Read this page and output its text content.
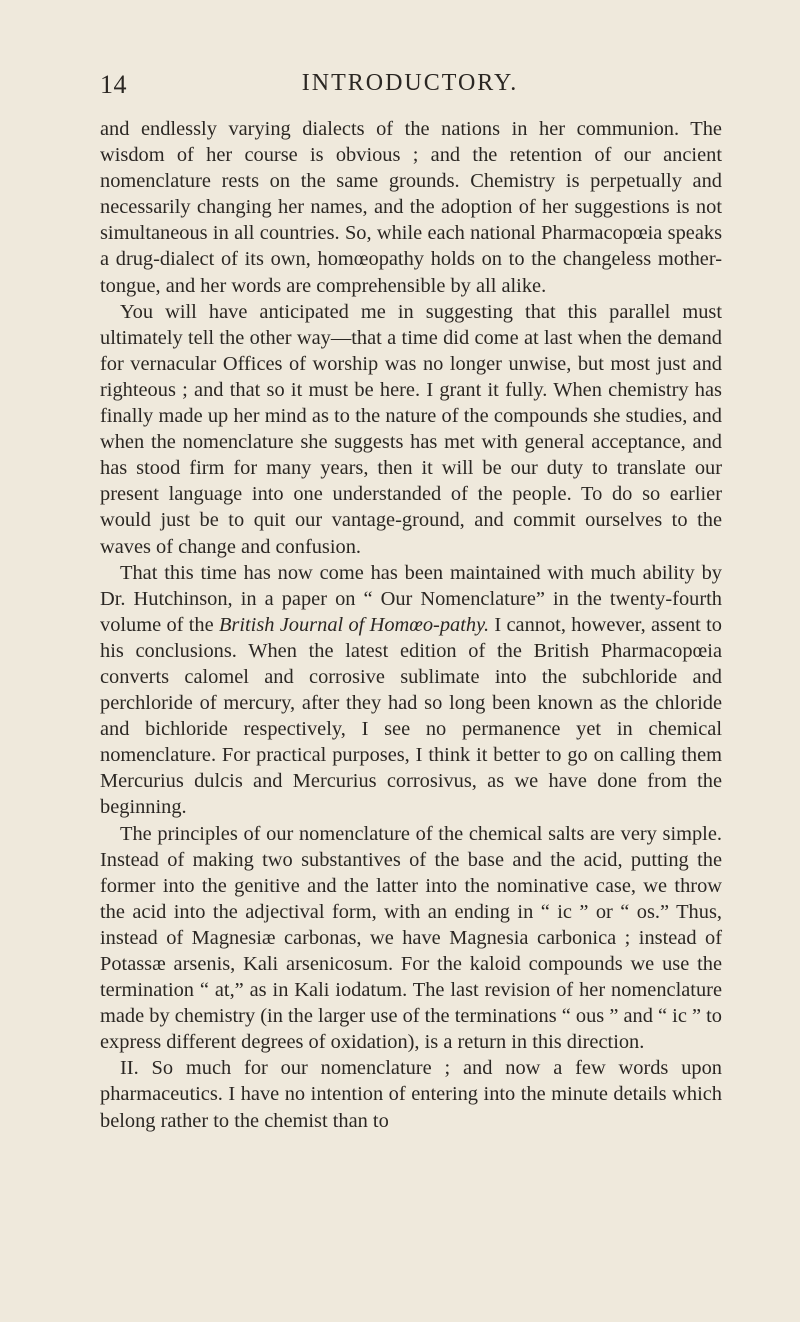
14	INTRODUCTORY.

and endlessly varying dialects of the nations in her communion. The wisdom of her course is obvious ; and the retention of our ancient nomenclature rests on the same grounds. Chemistry is perpetually and necessarily changing her names, and the adoption of her suggestions is not simultaneous in all countries. So, while each national Pharmacopœia speaks a drug-dialect of its own, homœopathy holds on to the changeless mother-tongue, and her words are comprehensible by all alike.

You will have anticipated me in suggesting that this parallel must ultimately tell the other way—that a time did come at last when the demand for vernacular Offices of worship was no longer unwise, but most just and righteous ; and that so it must be here. I grant it fully. When chemistry has finally made up her mind as to the nature of the compounds she studies, and when the nomenclature she suggests has met with general acceptance, and has stood firm for many years, then it will be our duty to translate our present language into one understanded of the people. To do so earlier would just be to quit our vantage-ground, and commit ourselves to the waves of change and confusion.

That this time has now come has been maintained with much ability by Dr. Hutchinson, in a paper on “ Our Nomenclature” in the twenty-fourth volume of the British Journal of Homœo-pathy. I cannot, however, assent to his conclusions. When the latest edition of the British Pharmacopœia converts calomel and corrosive sublimate into the subchloride and perchloride of mercury, after they had so long been known as the chloride and bichloride respectively, I see no permanence yet in chemical nomenclature. For practical purposes, I think it better to go on calling them Mercurius dulcis and Mercurius corrosivus, as we have done from the beginning.

The principles of our nomenclature of the chemical salts are very simple. Instead of making two substantives of the base and the acid, putting the former into the genitive and the latter into the nominative case, we throw the acid into the adjectival form, with an ending in “ ic ” or “ os.” Thus, instead of Magnesiæ carbonas, we have Magnesia carbonica ; instead of Potassæ arsenis, Kali arsenicosum. For the kaloid compounds we use the termination “ at,” as in Kali iodatum. The last revision of her nomenclature made by chemistry (in the larger use of the terminations “ ous ” and “ ic ” to express different degrees of oxidation), is a return in this direction.

II. So much for our nomenclature ; and now a few words upon pharmaceutics. I have no intention of entering into the minute details which belong rather to the chemist than to
